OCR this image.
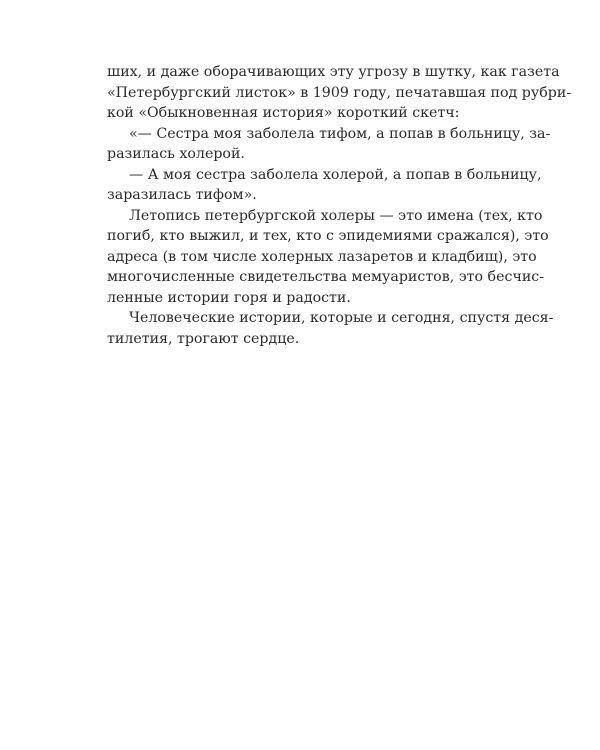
ших, и даже оборачивающих эту угрозу в шутку, как газета
«Петербургский листок» в 1909 году, печатавшая под рубри-
кой «Обыкновенная история» короткий скетч:
«— Сестра моя заболела тифом, а попав в больницу, за-
разилась холерой.
— А моя сестра заболела холерой, а попав в больницу,
заразилась тифом».
Летопись петербургской холеры — это имена (тех, кто
погиб, кто выжил, и тех, кто с эпидемиями сражался), это
адреса (в том числе холерных лазаретов и кладбищ), это
многочисленные свидетельства мемуаристов, это бесчис-
ленные истории горя и радости.
Человеческие истории, которые и сегодня, спустя деся-
тилетия, трогают сердце.
